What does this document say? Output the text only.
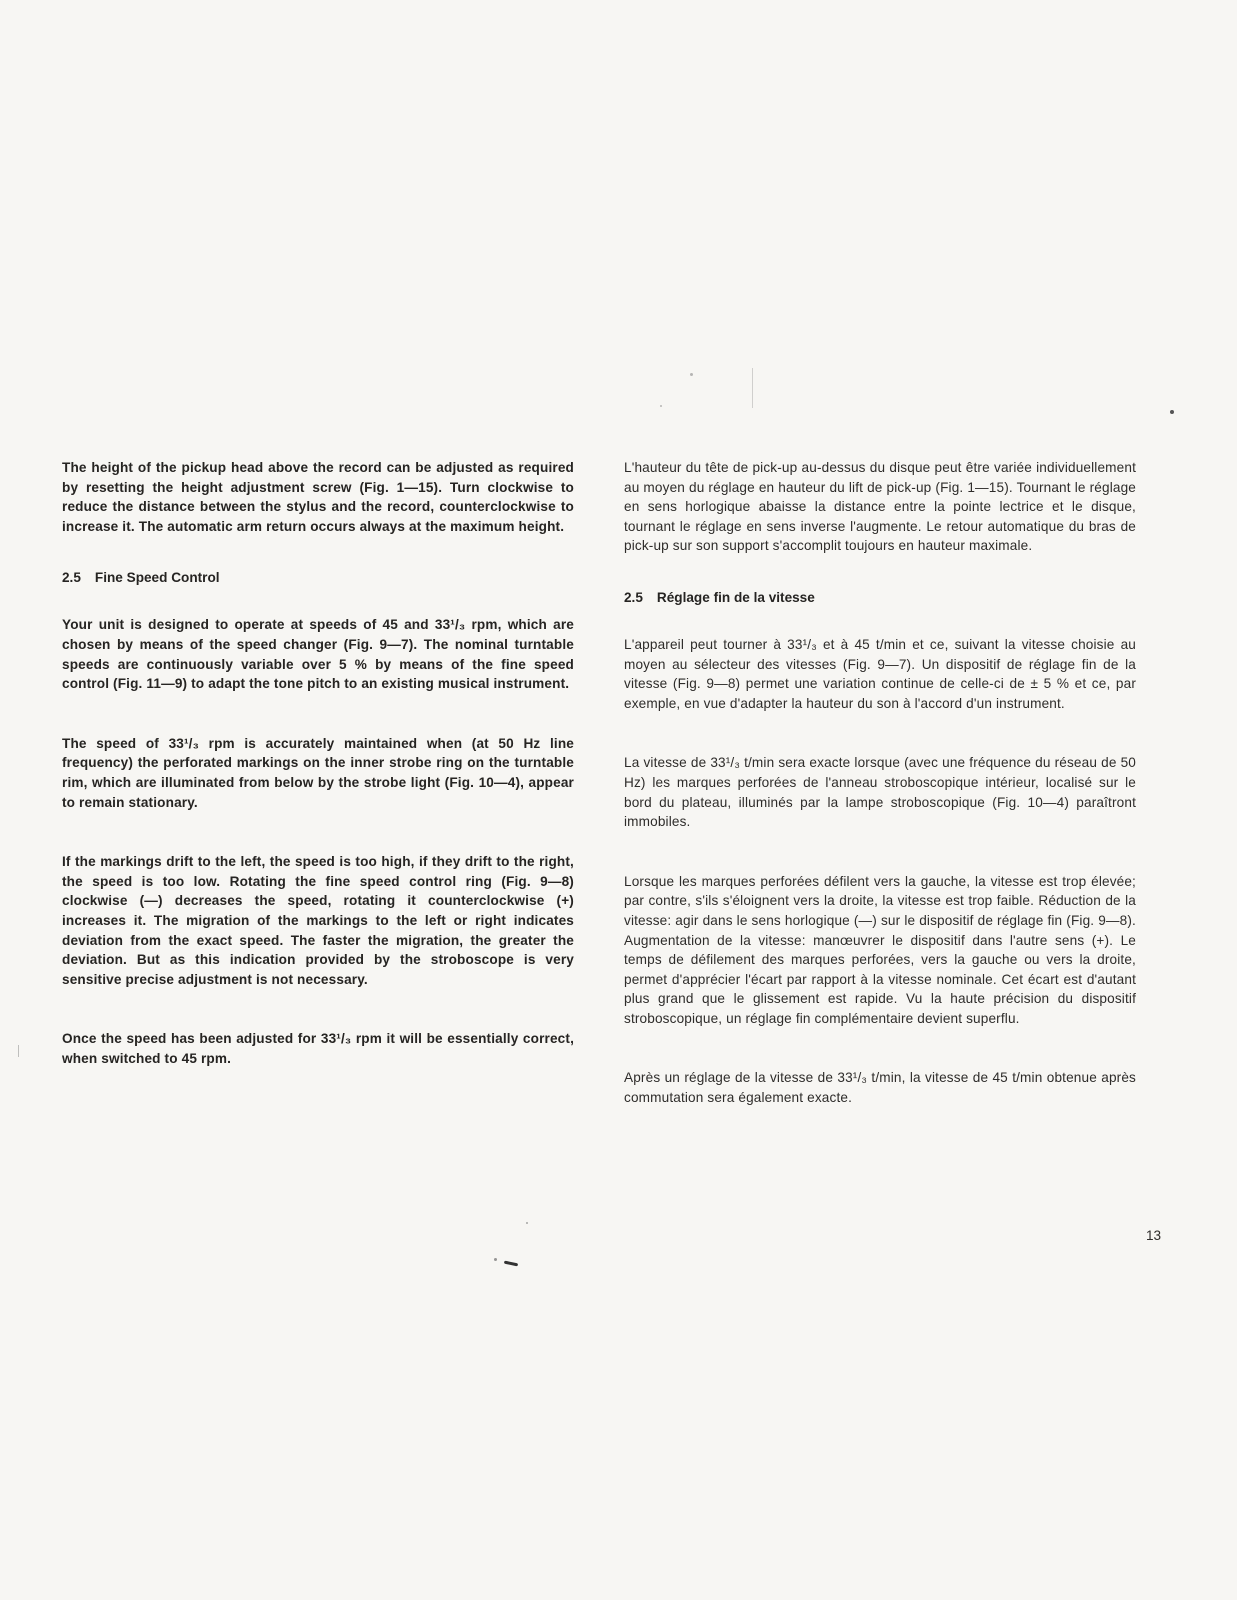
The height of the pickup head above the record can be adjusted as required by resetting the height adjustment screw (Fig. 1—15). Turn clockwise to reduce the distance between the stylus and the record, counterclockwise to increase it. The automatic arm return occurs always at the maximum height.

2.5 Fine Speed Control

Your unit is designed to operate at speeds of 45 and 33¹/₃ rpm, which are chosen by means of the speed changer (Fig. 9—7). The nominal turntable speeds are continuously variable over 5 % by means of the fine speed control (Fig. 11—9) to adapt the tone pitch to an existing musical instrument.

The speed of 33¹/₃ rpm is accurately maintained when (at 50 Hz line frequency) the perforated markings on the inner strobe ring on the turntable rim, which are illuminated from below by the strobe light (Fig. 10—4), appear to remain stationary.

If the markings drift to the left, the speed is too high, if they drift to the right, the speed is too low. Rotating the fine speed control ring (Fig. 9—8) clockwise (—) decreases the speed, rotating it counterclockwise (+) increases it. The migration of the markings to the left or right indicates deviation from the exact speed. The faster the migration, the greater the deviation. But as this indication provided by the stroboscope is very sensitive precise adjustment is not necessary.

Once the speed has been adjusted for 33¹/₃ rpm it will be essentially correct, when switched to 45 rpm.

L'hauteur du tête de pick-up au-dessus du disque peut être variée individuellement au moyen du réglage en hauteur du lift de pick-up (Fig. 1—15). Tournant le réglage en sens horlogique abaisse la distance entre la pointe lectrice et le disque, tournant le réglage en sens inverse l'augmente. Le retour automatique du bras de pick-up sur son support s'accomplit toujours en hauteur maximale.

2.5 Réglage fin de la vitesse

L'appareil peut tourner à 33¹/₃ et à 45 t/min et ce, suivant la vitesse choisie au moyen au sélecteur des vitesses (Fig. 9—7). Un dispositif de réglage fin de la vitesse (Fig. 9—8) permet une variation continue de celle-ci de ± 5 % et ce, par exemple, en vue d'adapter la hauteur du son à l'accord d'un instrument.

La vitesse de 33¹/₃ t/min sera exacte lorsque (avec une fréquence du réseau de 50 Hz) les marques perforées de l'anneau stroboscopique intérieur, localisé sur le bord du plateau, illuminés par la lampe stroboscopique (Fig. 10—4) paraîtront immobiles.

Lorsque les marques perforées défilent vers la gauche, la vitesse est trop élevée; par contre, s'ils s'éloignent vers la droite, la vitesse est trop faible. Réduction de la vitesse: agir dans le sens horlogique (—) sur le dispositif de réglage fin (Fig. 9—8). Augmentation de la vitesse: manœuvrer le dispositif dans l'autre sens (+). Le temps de défilement des marques perforées, vers la gauche ou vers la droite, permet d'apprécier l'écart par rapport à la vitesse nominale. Cet écart est d'autant plus grand que le glissement est rapide. Vu la haute précision du dispositif stroboscopique, un réglage fin complémentaire devient superflu.

Après un réglage de la vitesse de 33¹/₃ t/min, la vitesse de 45 t/min obtenue après commutation sera également exacte.

13
